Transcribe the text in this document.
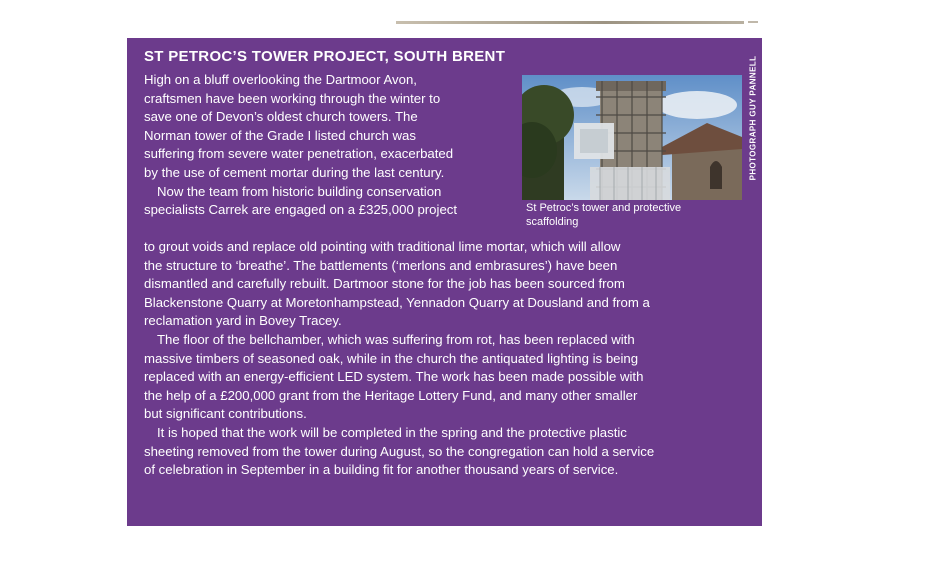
ST PETROC’S TOWER PROJECT, SOUTH BRENT
High on a bluff overlooking the Dartmoor Avon,
craftsmen have been working through the winter to
save one of Devon’s oldest church towers. The
Norman tower of the Grade I listed church was
suffering from severe water penetration, exacerbated
by the use of cement mortar during the last century.
Now the team from historic building conservation
specialists Carrek are engaged on a £325,000 project
PHOTOGRAPH GUY PANNELL
St Petroc’s tower and protective
scaffolding
to grout voids and replace old pointing with traditional lime mortar, which will allow
the structure to ‘breathe’. The battlements (‘merlons and embrasures’) have been
dismantled and carefully rebuilt. Dartmoor stone for the job has been sourced from
Blackenstone Quarry at Moretonhampstead, Yennadon Quarry at Dousland and from a
reclamation yard in Bovey Tracey.
The floor of the bellchamber, which was suffering from rot, has been replaced with
massive timbers of seasoned oak, while in the church the antiquated lighting is being
replaced with an energy-efficient LED system. The work has been made possible with
the help of a £200,000 grant from the Heritage Lottery Fund, and many other smaller
but significant contributions.
It is hoped that the work will be completed in the spring and the protective plastic
sheeting removed from the tower during August, so the congregation can hold a service
of celebration in September in a building fit for another thousand years of service.
